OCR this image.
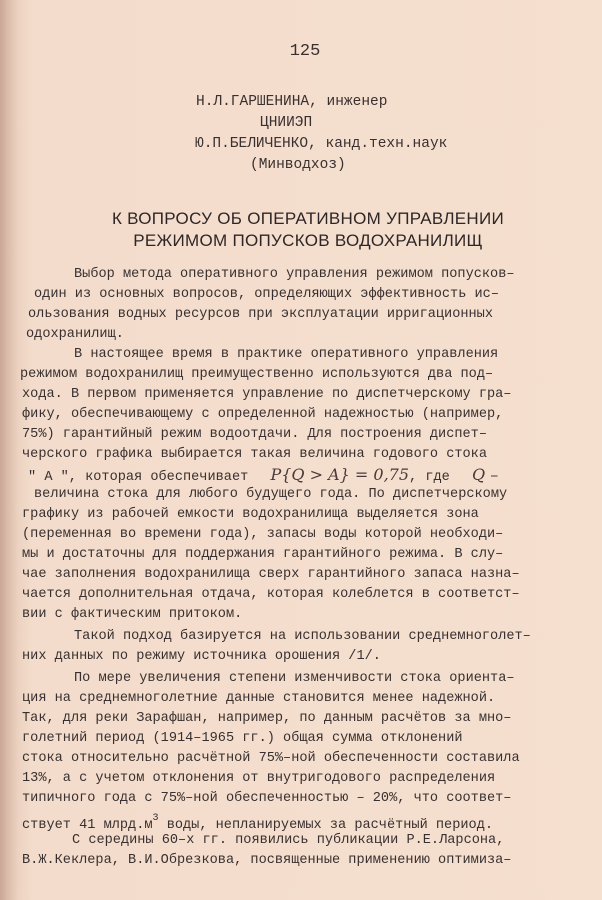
125
Н.Л.ГАРШЕНИНА, инженер
ЦНИИЭП
Ю.П.БЕЛИЧЕНКО, канд.техн.наук
(Минводхоз)
К ВОПРОСУ ОБ ОПЕРАТИВНОМ УПРАВЛЕНИИ
РЕЖИМОМ ПОПУСКОВ ВОДОХРАНИЛИЩ
Выбор метода оперативного управления режимом попусков–
один из основных вопросов, определяющих эффективность ис–
ользования водных ресурсов при эксплуатации ирригационных
одохранилищ.
В настоящее время в практике оперативного управления
режимом водохранилищ преимущественно используются два под–
хода. В первом применяется управление по диспетчерскому гра–
фику, обеспечивающему с определенной надежностью (например,
75%) гарантийный режим водоотдачи. Для построения диспет–
черского графика выбирается такая величина годового стока
" A ", которая обеспечивает P{Q > A} = 0,75, где Q –
величина стока для любого будущего года. По диспетчерскому
графику из рабочей емкости водохранилища выделяется зона
(переменная во времени года), запасы воды которой необходи–
мы и достаточны для поддержания гарантийного режима. В слу–
чае заполнения водохранилища сверх гарантийного запаса назна–
чается дополнительная отдача, которая колеблется в соответст–
вии с фактическим притоком.
Такой подход базируется на использовании среднемноголет–
них данных по режиму источника орошения /1/.
По мере увеличения степени изменчивости стока ориента–
ция на среднемноголетние данные становится менее надежной.
Так, для реки Зарафшан, например, по данным расчётов за мно–
голетний период (1914–1965 гг.) общая сумма отклонений
стока относительно расчётной 75%–ной обеспеченности составила
13%, а с учетом отклонения от внутригодового распределения
типичного года с 75%–ной обеспеченностью – 20%, что соответ–
ствует 41 $млрд.м^3$ воды, непланируемых за расчётный период.
С середины 60–х гг. появились публикации Р.Е.Ларсона,
В.Ж.Кеклера, В.И.Обрезкова, посвященные применению оптимиза–
